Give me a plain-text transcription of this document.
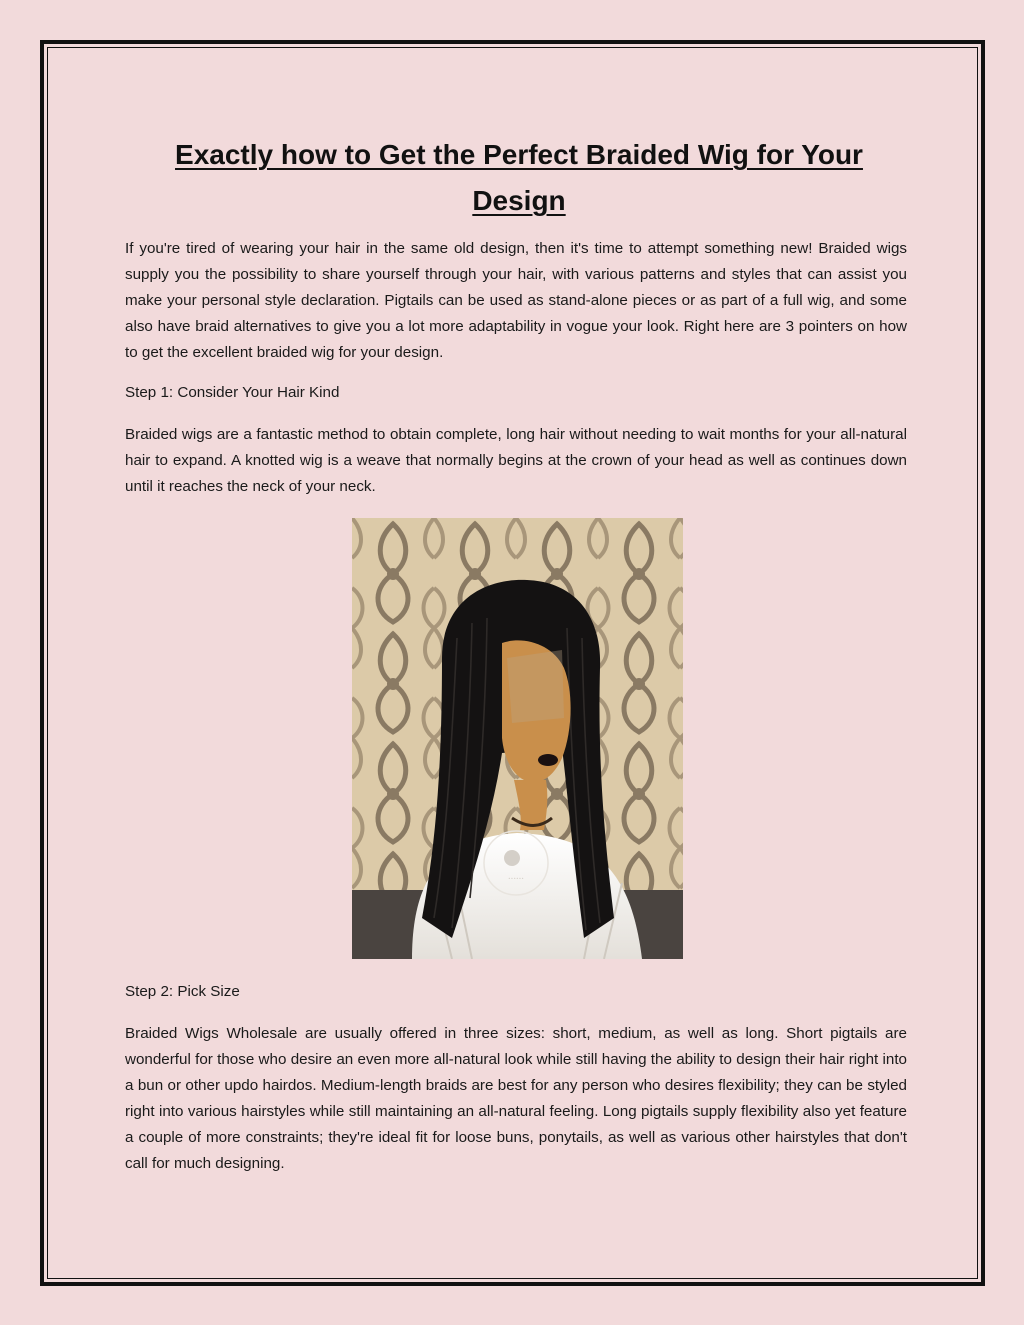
Exactly how to Get the Perfect Braided Wig for Your Design

If you're tired of wearing your hair in the same old design, then it's time to attempt something new! Braided wigs supply you the possibility to share yourself through your hair, with various patterns and styles that can assist you make your personal style declaration. Pigtails can be used as stand-alone pieces or as part of a full wig, and some also have braid alternatives to give you a lot more adaptability in vogue your look. Right here are 3 pointers on how to get the excellent braided wig for your design.

Step 1: Consider Your Hair Kind

Braided wigs are a fantastic method to obtain complete, long hair without needing to wait months for your all-natural hair to expand. A knotted wig is a weave that normally begins at the crown of your head as well as continues down until it reaches the neck of your neck.

••••••

Step 2: Pick Size

Braided Wigs Wholesale are usually offered in three sizes: short, medium, as well as long. Short pigtails are wonderful for those who desire an even more all-natural look while still having the ability to design their hair right into a bun or other updo hairdos. Medium-length braids are best for any person who desires flexibility; they can be styled right into various hairstyles while still maintaining an all-natural feeling. Long pigtails supply flexibility also yet feature a couple of more constraints; they're ideal fit for loose buns, ponytails, as well as various other hairstyles that don't call for much designing.
